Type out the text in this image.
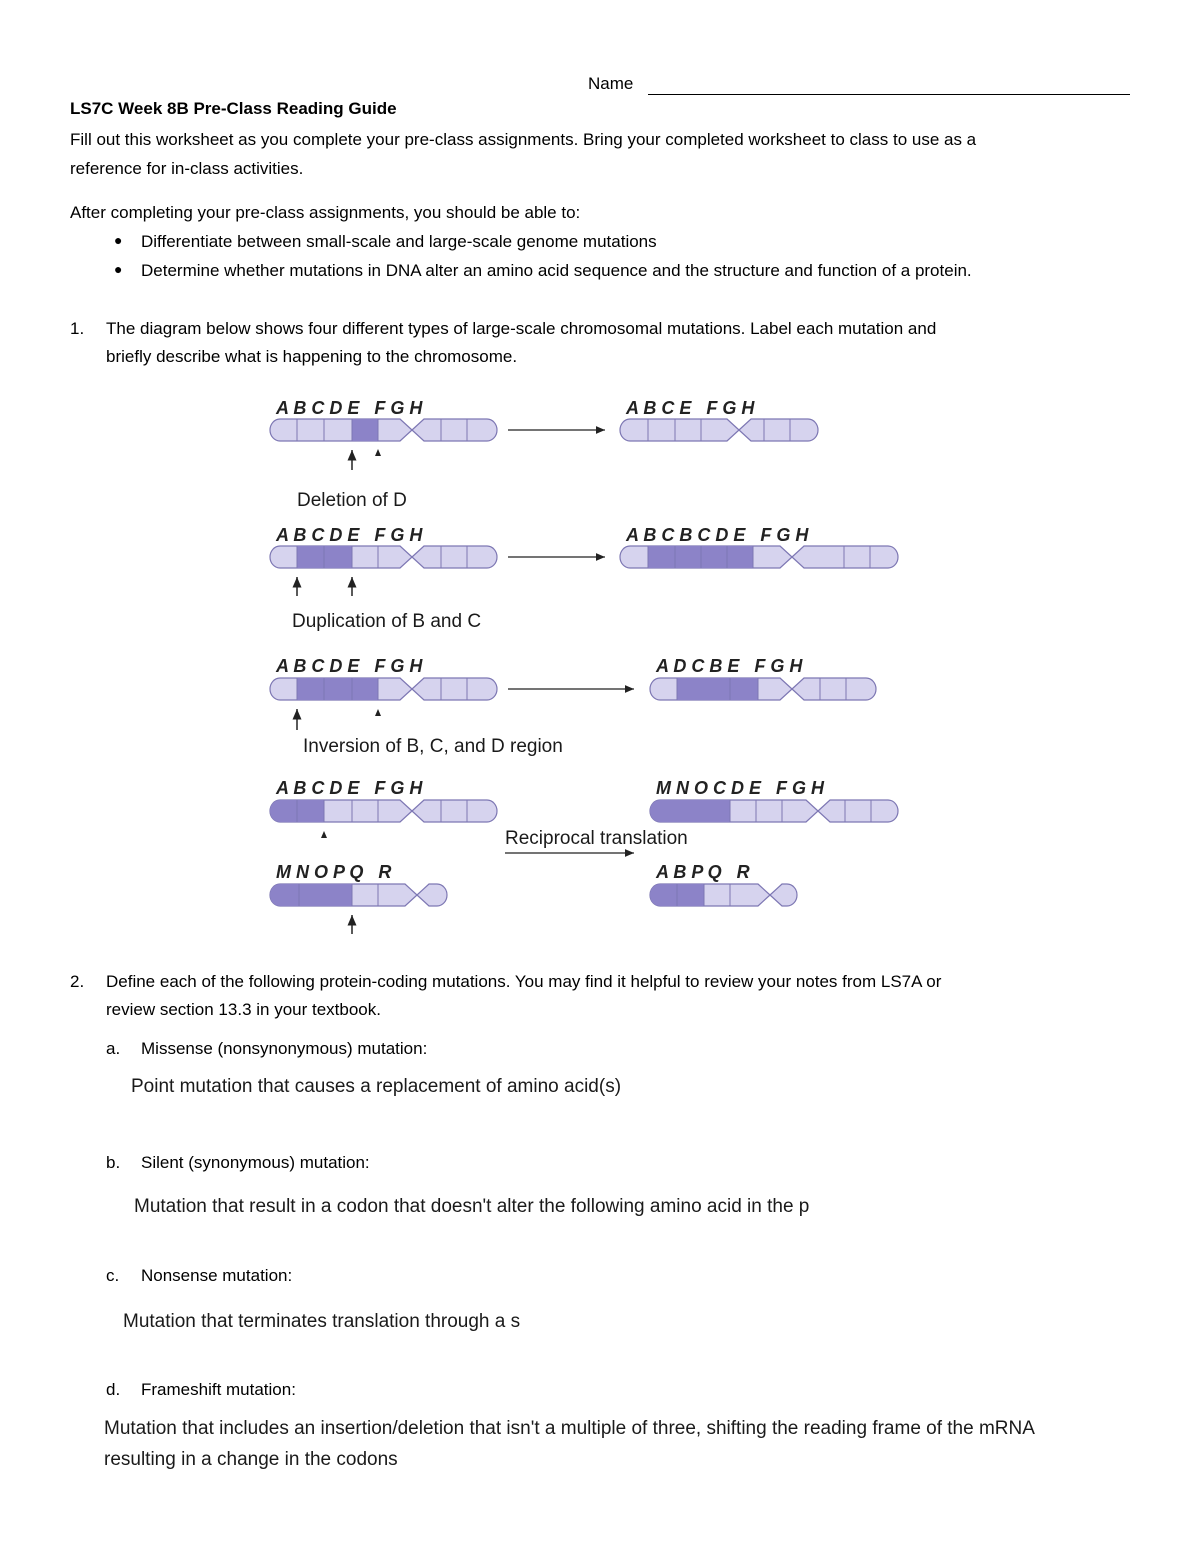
Name
LS7C Week 8B Pre-Class Reading Guide
Fill out this worksheet as you complete your pre-class assignments. Bring your completed worksheet to class to use as a
reference for in-class activities.
After completing your pre-class assignments, you should be able to:
● Differentiate between small-scale and large-scale genome mutations
● Determine whether mutations in DNA alter an amino acid sequence and the structure and function of a protein.
1. The diagram below shows four different types of large-scale chromosomal mutations. Label each mutation and
briefly describe what is happening to the chromosome.
A B C D E   F G H	A B C E   F G H
Deletion of D
A B C D E   F G H	A B C B C D E   F G H
Duplication of B and C
A B C D E   F G H	A D C B E   F G H
Inversion of B, C, and D region
A B C D E   F G H
M N O P Q   R
Reciprocal translation
M N O C D E   F G H
A B P Q   R
2. Define each of the following protein-coding mutations. You may find it helpful to review your notes from LS7A or
review section 13.3 in your textbook.
a. Missense (nonsynonymous) mutation:
Point mutation that causes a replacement of amino acid(s)
b. Silent (synonymous) mutation:
Mutation that result in a codon that doesn't alter the following amino acid in the p
c. Nonsense mutation:
Mutation that terminates translation through a s
d. Frameshift mutation:
Mutation that includes an insertion/deletion that isn't a multiple of three, shifting the reading frame of the mRNA
resulting in a change in the codons
